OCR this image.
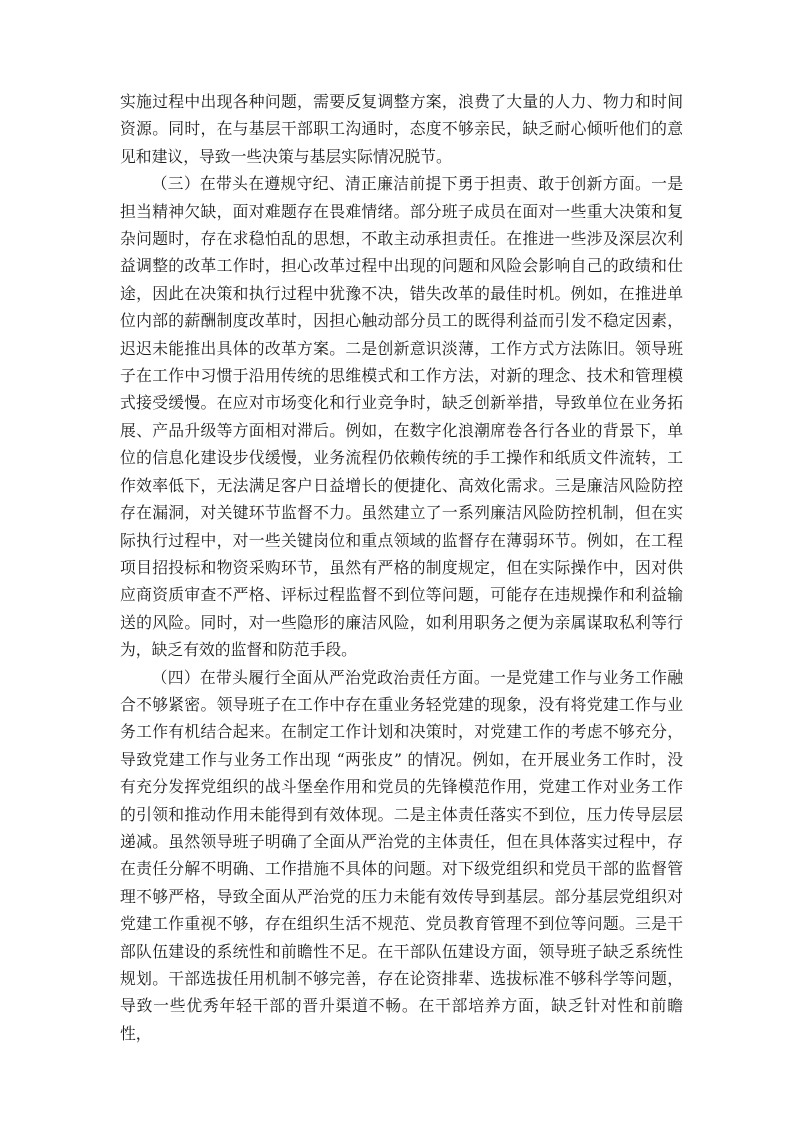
实施过程中出现各种问题，需要反复调整方案，浪费了大量的人力、物力和时间资源。同时，在与基层干部职工沟通时，态度不够亲民，缺乏耐心倾听他们的意见和建议，导致一些决策与基层实际情况脱节。

（三）在带头在遵规守纪、清正廉洁前提下勇于担责、敢于创新方面。一是担当精神欠缺，面对难题存在畏难情绪。部分班子成员在面对一些重大决策和复杂问题时，存在求稳怕乱的思想，不敢主动承担责任。在推进一些涉及深层次利益调整的改革工作时，担心改革过程中出现的问题和风险会影响自己的政绩和仕途，因此在决策和执行过程中犹豫不决，错失改革的最佳时机。例如，在推进单位内部的薪酬制度改革时，因担心触动部分员工的既得利益而引发不稳定因素，迟迟未能推出具体的改革方案。二是创新意识淡薄，工作方式方法陈旧。领导班子在工作中习惯于沿用传统的思维模式和工作方法，对新的理念、技术和管理模式接受缓慢。在应对市场变化和行业竞争时，缺乏创新举措，导致单位在业务拓展、产品升级等方面相对滞后。例如，在数字化浪潮席卷各行各业的背景下，单位的信息化建设步伐缓慢，业务流程仍依赖传统的手工操作和纸质文件流转，工作效率低下，无法满足客户日益增长的便捷化、高效化需求。三是廉洁风险防控存在漏洞，对关键环节监督不力。虽然建立了一系列廉洁风险防控机制，但在实际执行过程中，对一些关键岗位和重点领域的监督存在薄弱环节。例如，在工程项目招投标和物资采购环节，虽然有严格的制度规定，但在实际操作中，因对供应商资质审查不严格、评标过程监督不到位等问题，可能存在违规操作和利益输送的风险。同时，对一些隐形的廉洁风险，如利用职务之便为亲属谋取私利等行为，缺乏有效的监督和防范手段。

（四）在带头履行全面从严治党政治责任方面。一是党建工作与业务工作融合不够紧密。领导班子在工作中存在重业务轻党建的现象，没有将党建工作与业务工作有机结合起来。在制定工作计划和决策时，对党建工作的考虑不够充分，导致党建工作与业务工作出现 “两张皮” 的情况。例如，在开展业务工作时，没有充分发挥党组织的战斗堡垒作用和党员的先锋模范作用，党建工作对业务工作的引领和推动作用未能得到有效体现。二是主体责任落实不到位，压力传导层层递减。虽然领导班子明确了全面从严治党的主体责任，但在具体落实过程中，存在责任分解不明确、工作措施不具体的问题。对下级党组织和党员干部的监督管理不够严格，导致全面从严治党的压力未能有效传导到基层。部分基层党组织对党建工作重视不够，存在组织生活不规范、党员教育管理不到位等问题。三是干部队伍建设的系统性和前瞻性不足。在干部队伍建设方面，领导班子缺乏系统性规划。干部选拔任用机制不够完善，存在论资排辈、选拔标准不够科学等问题，导致一些优秀年轻干部的晋升渠道不畅。在干部培养方面，缺乏针对性和前瞻性，
